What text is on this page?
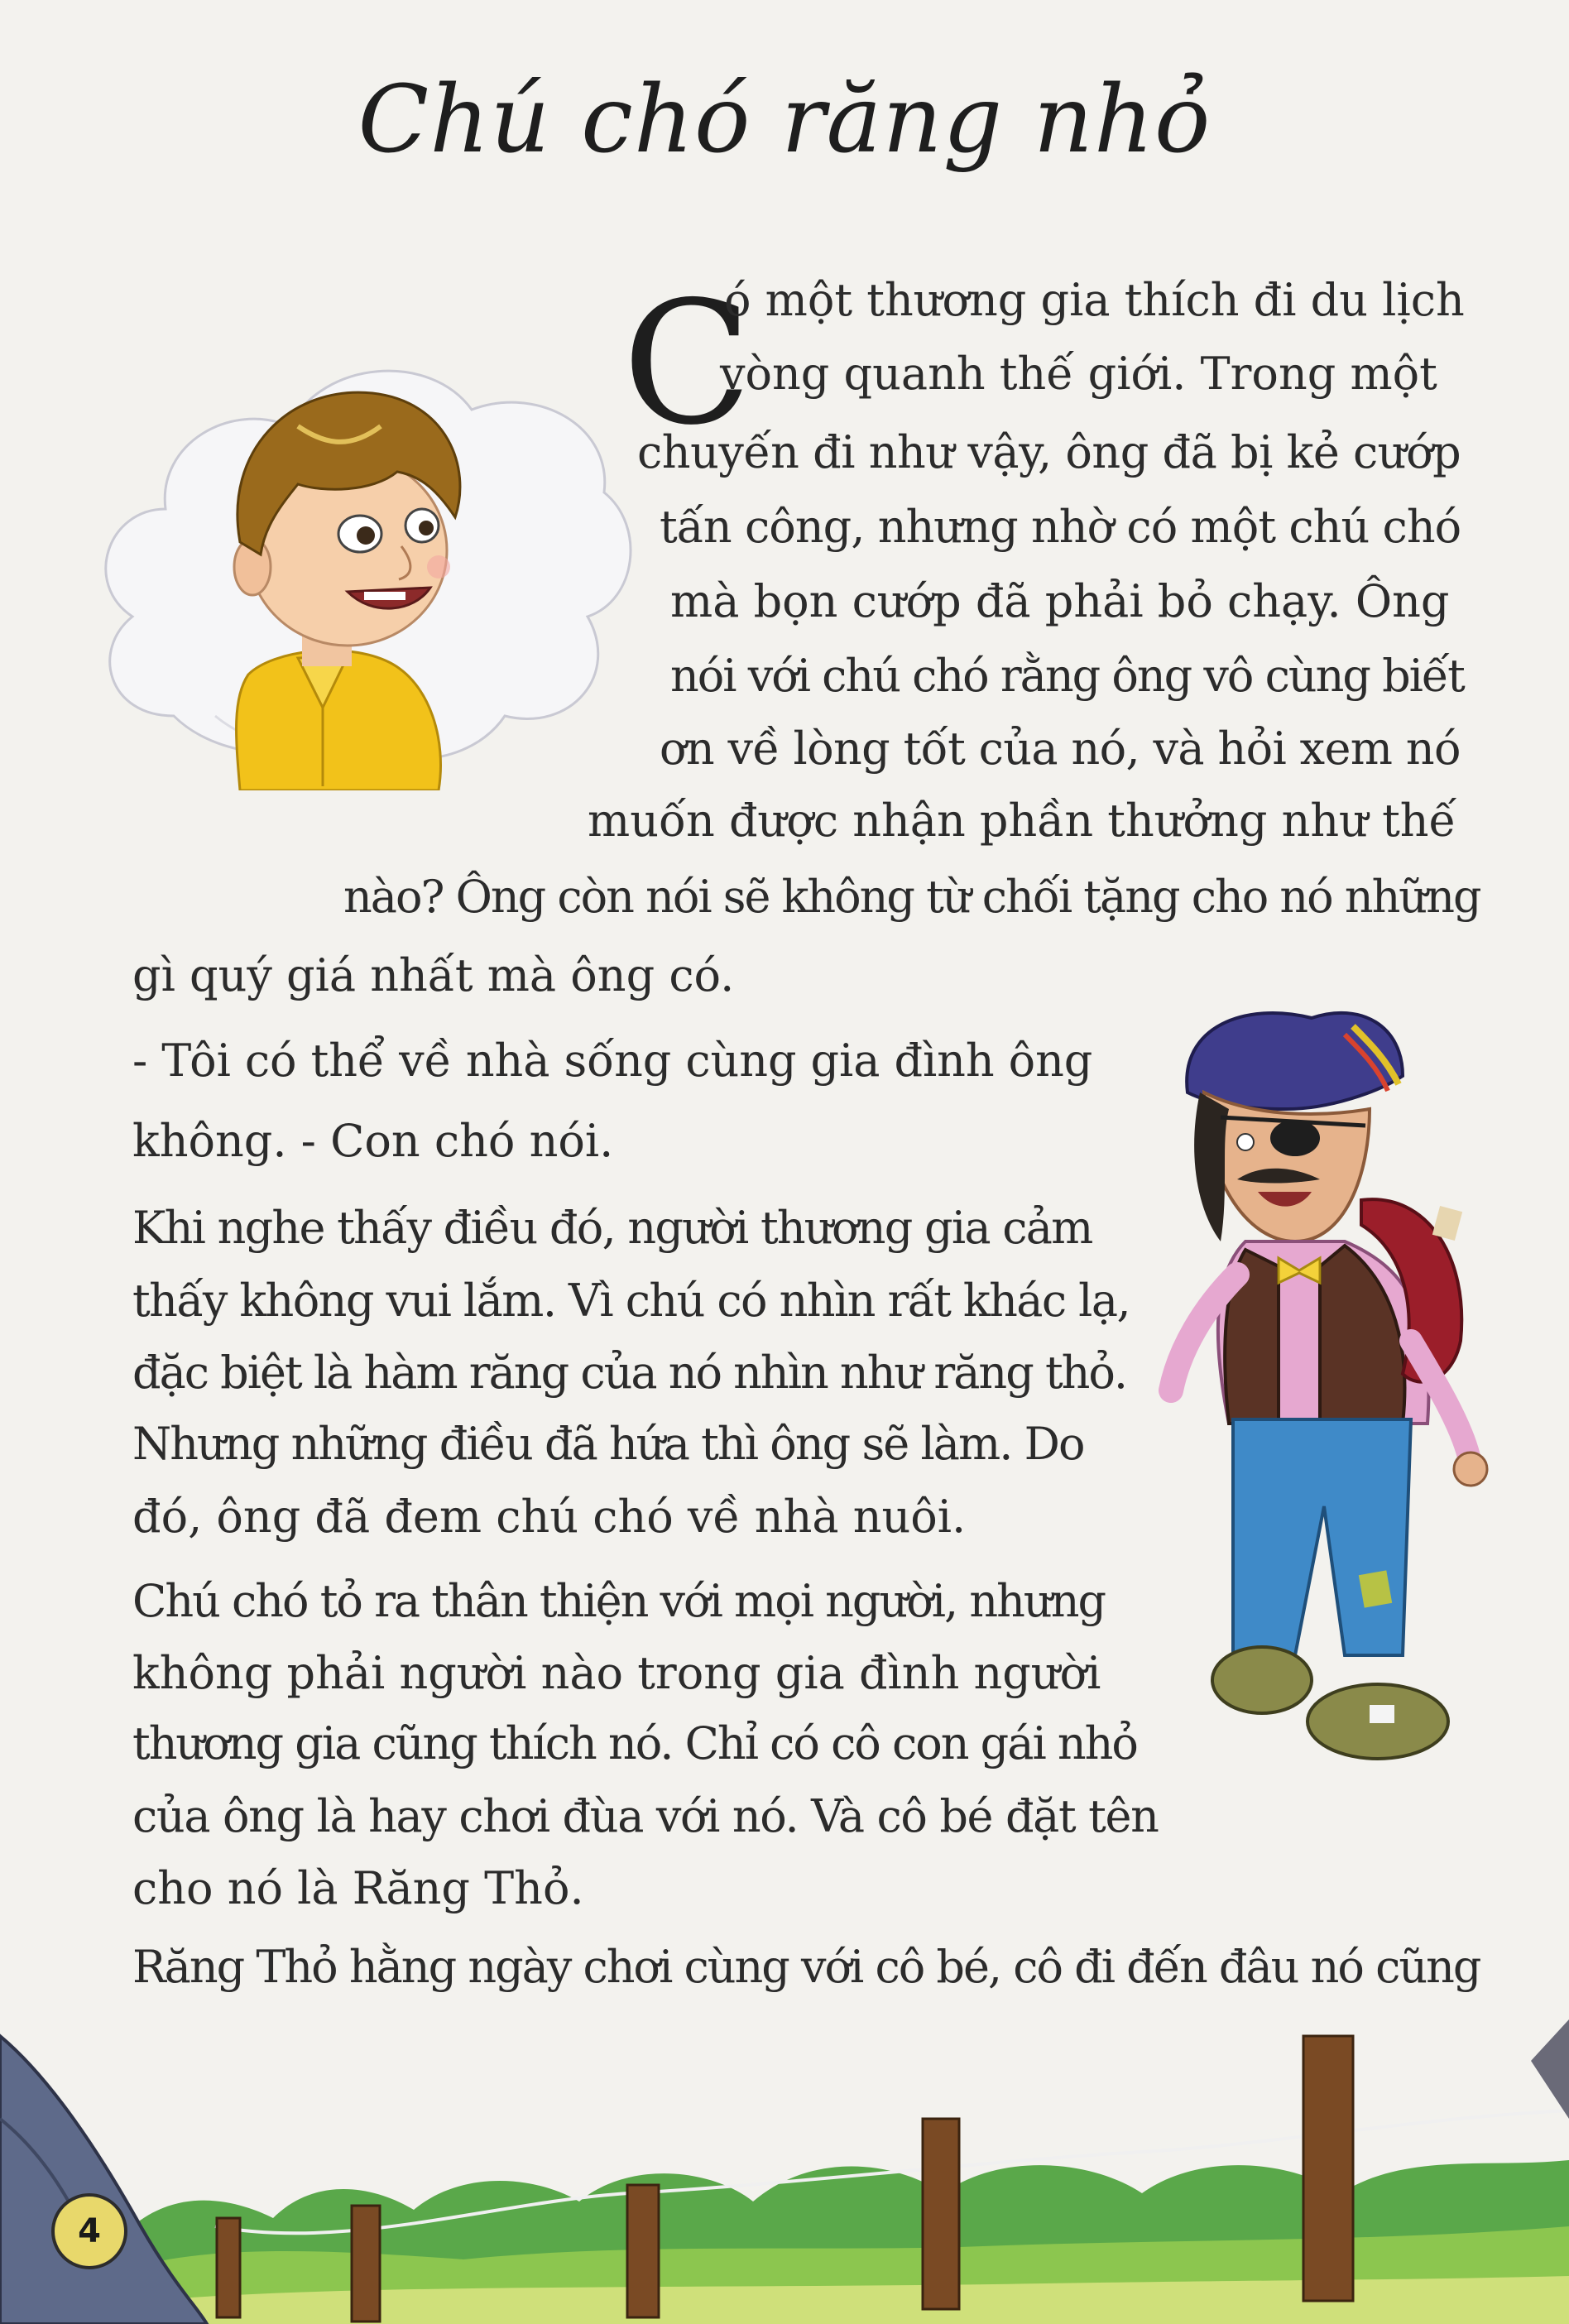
Chú chó răng nhỏ
C
ó một thương gia thích đi du lịch
vòng quanh thế giới. Trong một
chuyến đi như vậy, ông đã bị kẻ cướp
tấn công, nhưng nhờ có một chú chó
mà bọn cướp đã phải bỏ chạy. Ông
nói với chú chó rằng ông vô cùng biết
ơn về lòng tốt của nó, và hỏi xem nó
muốn được nhận phần thưởng như thế
nào? Ông còn nói sẽ không từ chối tặng cho nó những
gì quý giá nhất mà ông có.
- Tôi có thể về nhà sống cùng gia đình ông
không. - Con chó nói.
Khi nghe thấy điều đó, người thương gia cảm
thấy không vui lắm. Vì chú có nhìn rất khác lạ,
đặc biệt là hàm răng của nó nhìn như răng thỏ.
Nhưng những điều đã hứa thì ông sẽ làm. Do
đó, ông đã đem chú chó về nhà nuôi.
Chú chó tỏ ra thân thiện với mọi người, nhưng
không phải người nào trong gia đình người
thương gia cũng thích nó. Chỉ có cô con gái nhỏ
của ông là hay chơi đùa với nó. Và cô bé đặt tên
cho nó là Răng Thỏ.
Răng Thỏ hằng ngày chơi cùng với cô bé, cô đi đến đâu nó cũng
4
